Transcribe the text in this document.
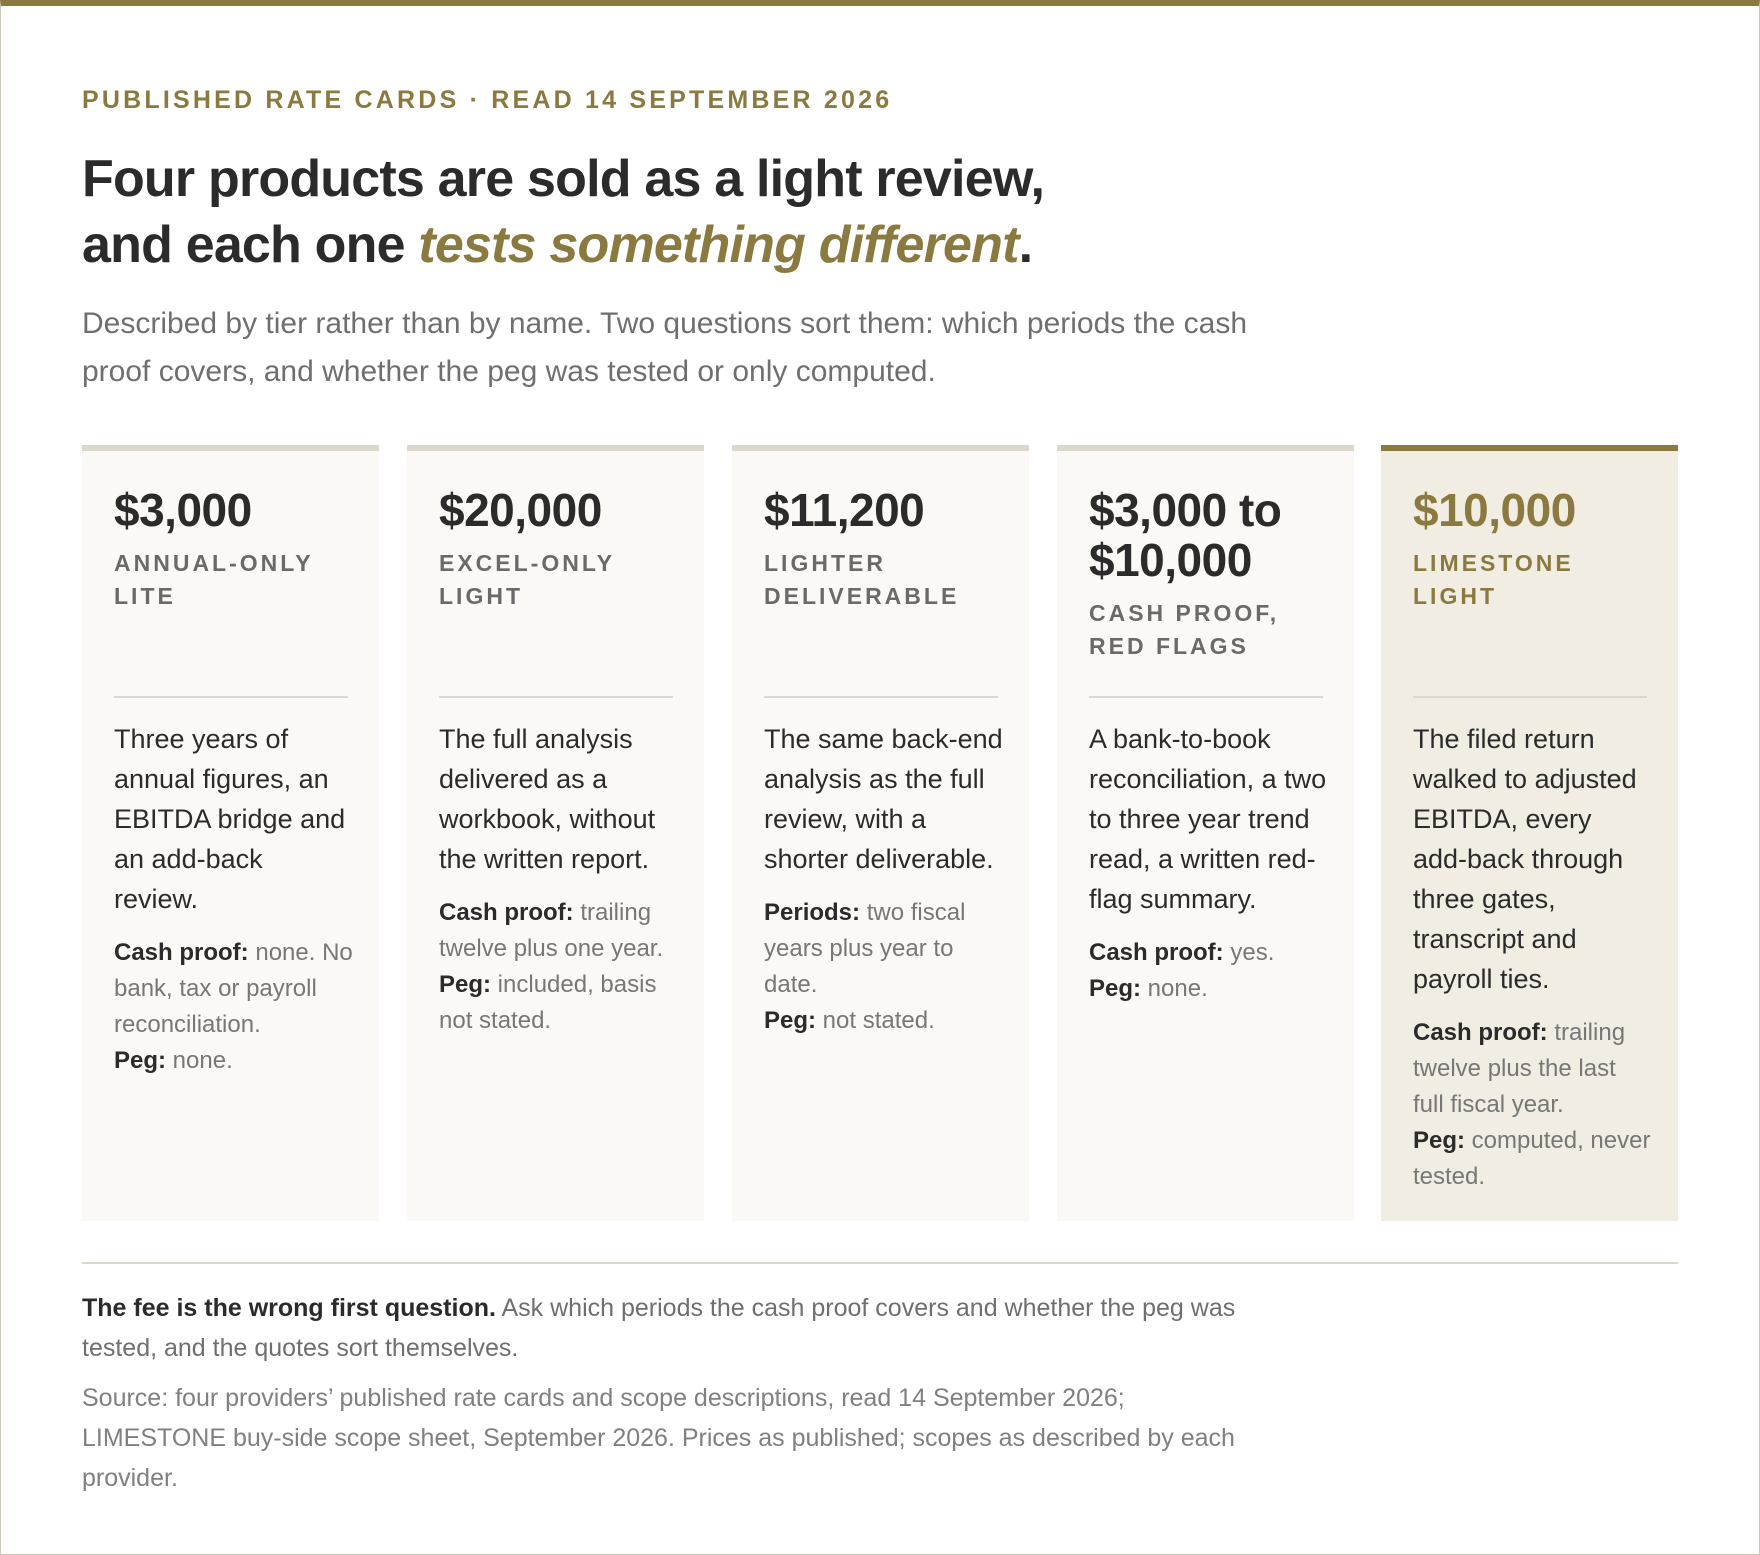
PUBLISHED RATE CARDS · READ 14 SEPTEMBER 2026
Four products are sold as a light review,
and each one tests something different.
Described by tier rather than by name. Two questions sort them: which periods the cash proof covers, and whether the peg was tested or only computed.
$3,000
ANNUAL-ONLY LITE
Three years of annual figures, an EBITDA bridge and an add-back review.
Cash proof: none. No bank, tax or payroll reconciliation.
Peg: none.
$20,000
EXCEL-ONLY LIGHT
The full analysis delivered as a workbook, without the written report.
Cash proof: trailing twelve plus one year.
Peg: included, basis not stated.
$11,200
LIGHTER DELIVERABLE
The same back-end analysis as the full review, with a shorter deliverable.
Periods: two fiscal years plus year to date.
Peg: not stated.
$3,000 to $10,000
CASH PROOF, RED FLAGS
A bank-to-book reconciliation, a two to three year trend read, a written red-flag summary.
Cash proof: yes.
Peg: none.
$10,000
LIMESTONE LIGHT
The filed return walked to adjusted EBITDA, every add-back through three gates, transcript and payroll ties.
Cash proof: trailing twelve plus the last full fiscal year.
Peg: computed, never tested.
The fee is the wrong first question. Ask which periods the cash proof covers and whether the peg was tested, and the quotes sort themselves.
Source: four providers’ published rate cards and scope descriptions, read 14 September 2026; LIMESTONE buy-side scope sheet, September 2026. Prices as published; scopes as described by each provider.
